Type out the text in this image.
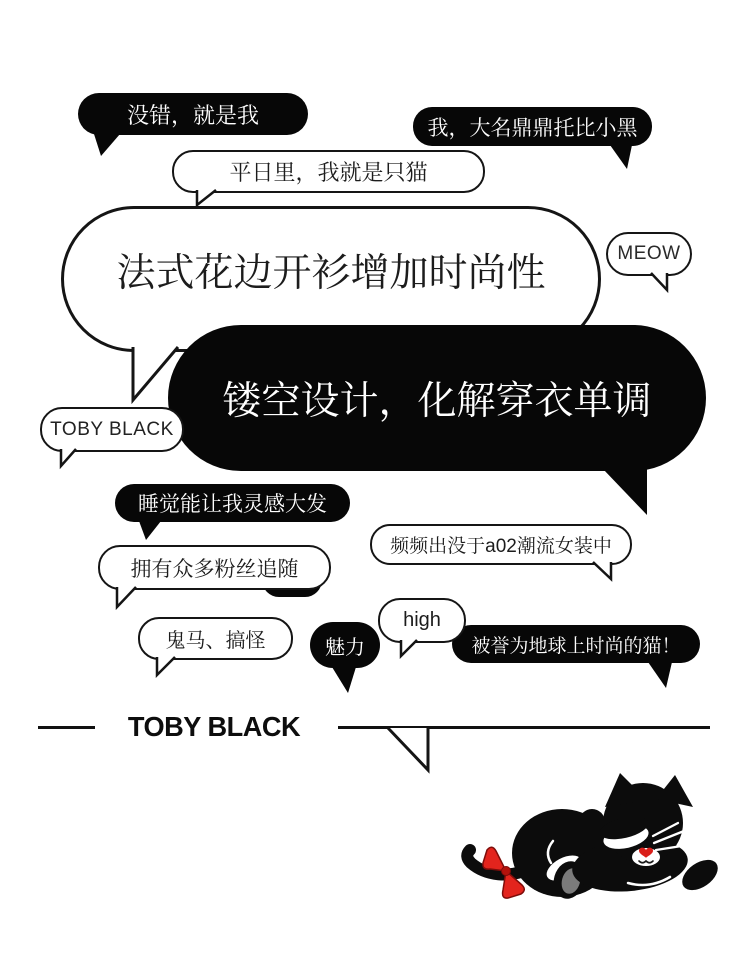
没错，就是我
我，大名鼎鼎托比小黑
平日里，我就是只猫
法式花边开衫增加时尚性	MEOW
镂空设计，化解穿衣单调
TOBY BLACK
睡觉能让我灵感大发
拥有众多粉丝追随
频频出没于a02潮流女装中
被誉为地球上时尚的猫！
high
鬼马、搞怪	魅力
TOBY BLACK
